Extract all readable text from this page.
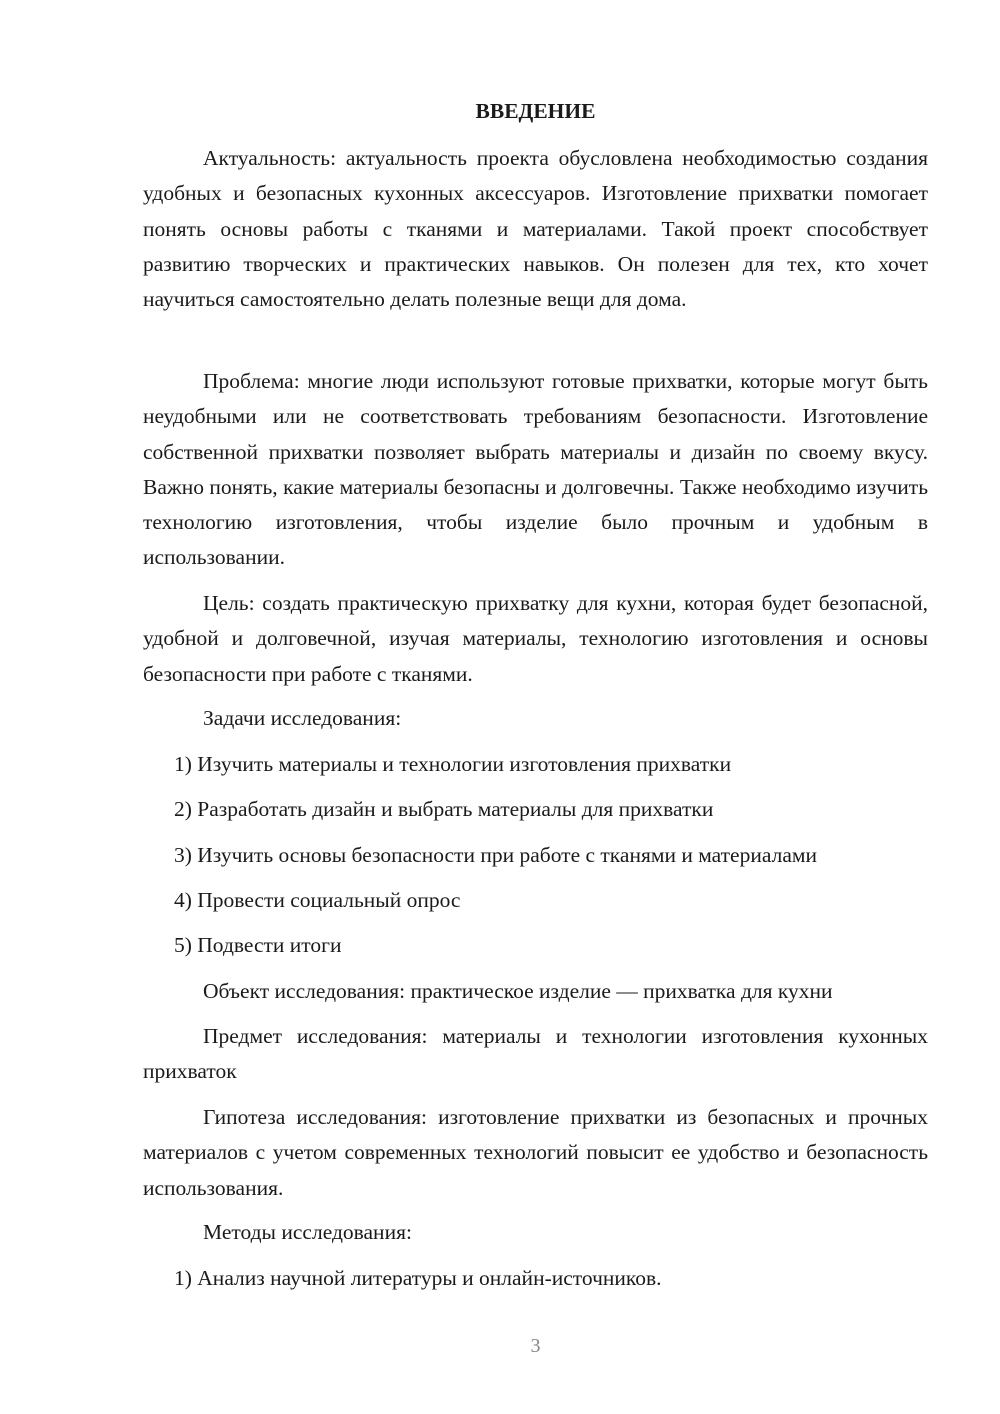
ВВЕДЕНИЕ

Актуальность: актуальность проекта обусловлена необходимостью создания удобных и безопасных кухонных аксессуаров. Изготовление прихватки помогает понять основы работы с тканями и материалами. Такой проект способствует развитию творческих и практических навыков. Он полезен для тех, кто хочет научиться самостоятельно делать полезные вещи для дома.

Проблема: многие люди используют готовые прихватки, которые могут быть неудобными или не соответствовать требованиям безопасности. Изготовление собственной прихватки позволяет выбрать материалы и дизайн по своему вкусу. Важно понять, какие материалы безопасны и долговечны. Также необходимо изучить технологию изготовления, чтобы изделие было прочным и удобным в использовании.

Цель: создать практическую прихватку для кухни, которая будет безопасной, удобной и долговечной, изучая материалы, технологию изготовления и основы безопасности при работе с тканями.

Задачи исследования:

1) Изучить материалы и технологии изготовления прихватки

2) Разработать дизайн и выбрать материалы для прихватки

3) Изучить основы безопасности при работе с тканями и материалами

4) Провести социальный опрос

5) Подвести итоги

Объект исследования: практическое изделие — прихватка для кухни

Предмет исследования: материалы и технологии изготовления кухонных прихваток

Гипотеза исследования: изготовление прихватки из безопасных и прочных материалов с учетом современных технологий повысит ее удобство и безопасность использования.

Методы исследования:

1) Анализ научной литературы и онлайн-источников.

3
